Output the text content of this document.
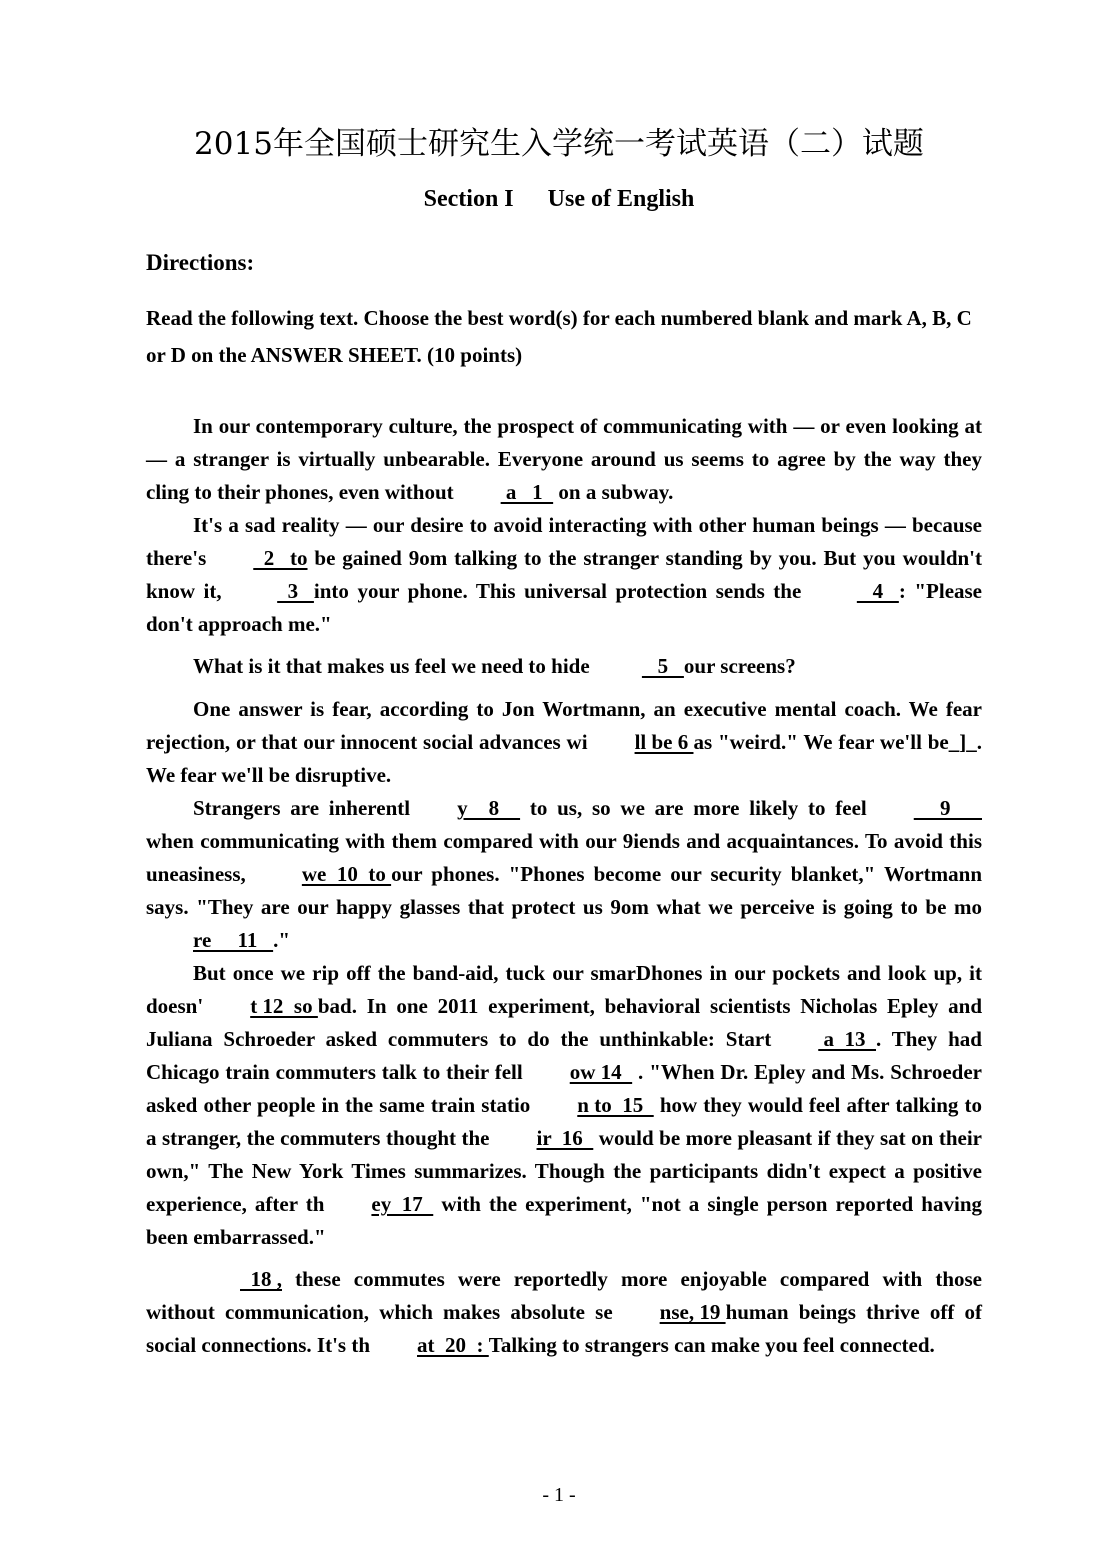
2015年全国硕士研究生入学统一考试英语（二）试题
Section I Use of English
Directions:
Read the following text. Choose the best word(s) for each numbered blank and mark A, B, C or D on the ANSWER SHEET. (10 points)

In our contemporary culture, the prospect of communicating with — or even looking at — a stranger is virtually unbearable. Everyone around us seems to agree by the way they cling to their phones, even without a   1   on a subway.

It's a sad reality — our desire to avoid interacting with other human beings — because there's  2   to be gained 9om talking to the stranger standing by you. But you wouldn't know it,   3   into your phone. This universal protection sends the    4   : "Please don't approach me."

What is it that makes us feel we need to hide    5   our screens?

One answer is fear, according to Jon Wortmann, an executive mental coach. We fear rejection, or that our innocent social advances wi ll be 6 as "weird." We fear we'll be_]_. We fear we'll be disruptive.

Strangers are inherentl y    8     to us, so we are more likely to feel     9       when communicating with them compared with our 9iends and acquaintances. To avoid this uneasiness, we  10  to our phones. "Phones become our security blanket," Wortmann says. "They are our happy glasses that protect us 9om what we perceive is going to be more     11   ."

But once we rip off the band-aid, tuck our smarDhones in our pockets and look up, it doesn' t 12  so bad. In one 2011 experiment, behavioral scientists Nicholas Epley and Juliana Schroeder asked commuters to do the unthinkable: Start a  13  . They had Chicago train commuters talk to their fell ow 14   . "When Dr. Epley and Ms. Schroeder asked other people in the same train statio n to  15   how they would feel after talking to a stranger, the commuters thought the ir  16   would be more pleasant if they sat on their own," The New York Times summarizes. Though the participants didn't expect a positive experience, after th ey  17   with the experiment, "not a single person reported having been embarrassed."

18 , these commutes were reportedly more enjoyable compared with those without communication, which makes absolute se nse, 19 human beings thrive off of social connections. It's th at  20  : Talking to strangers can make you feel connected.

- 1 -
